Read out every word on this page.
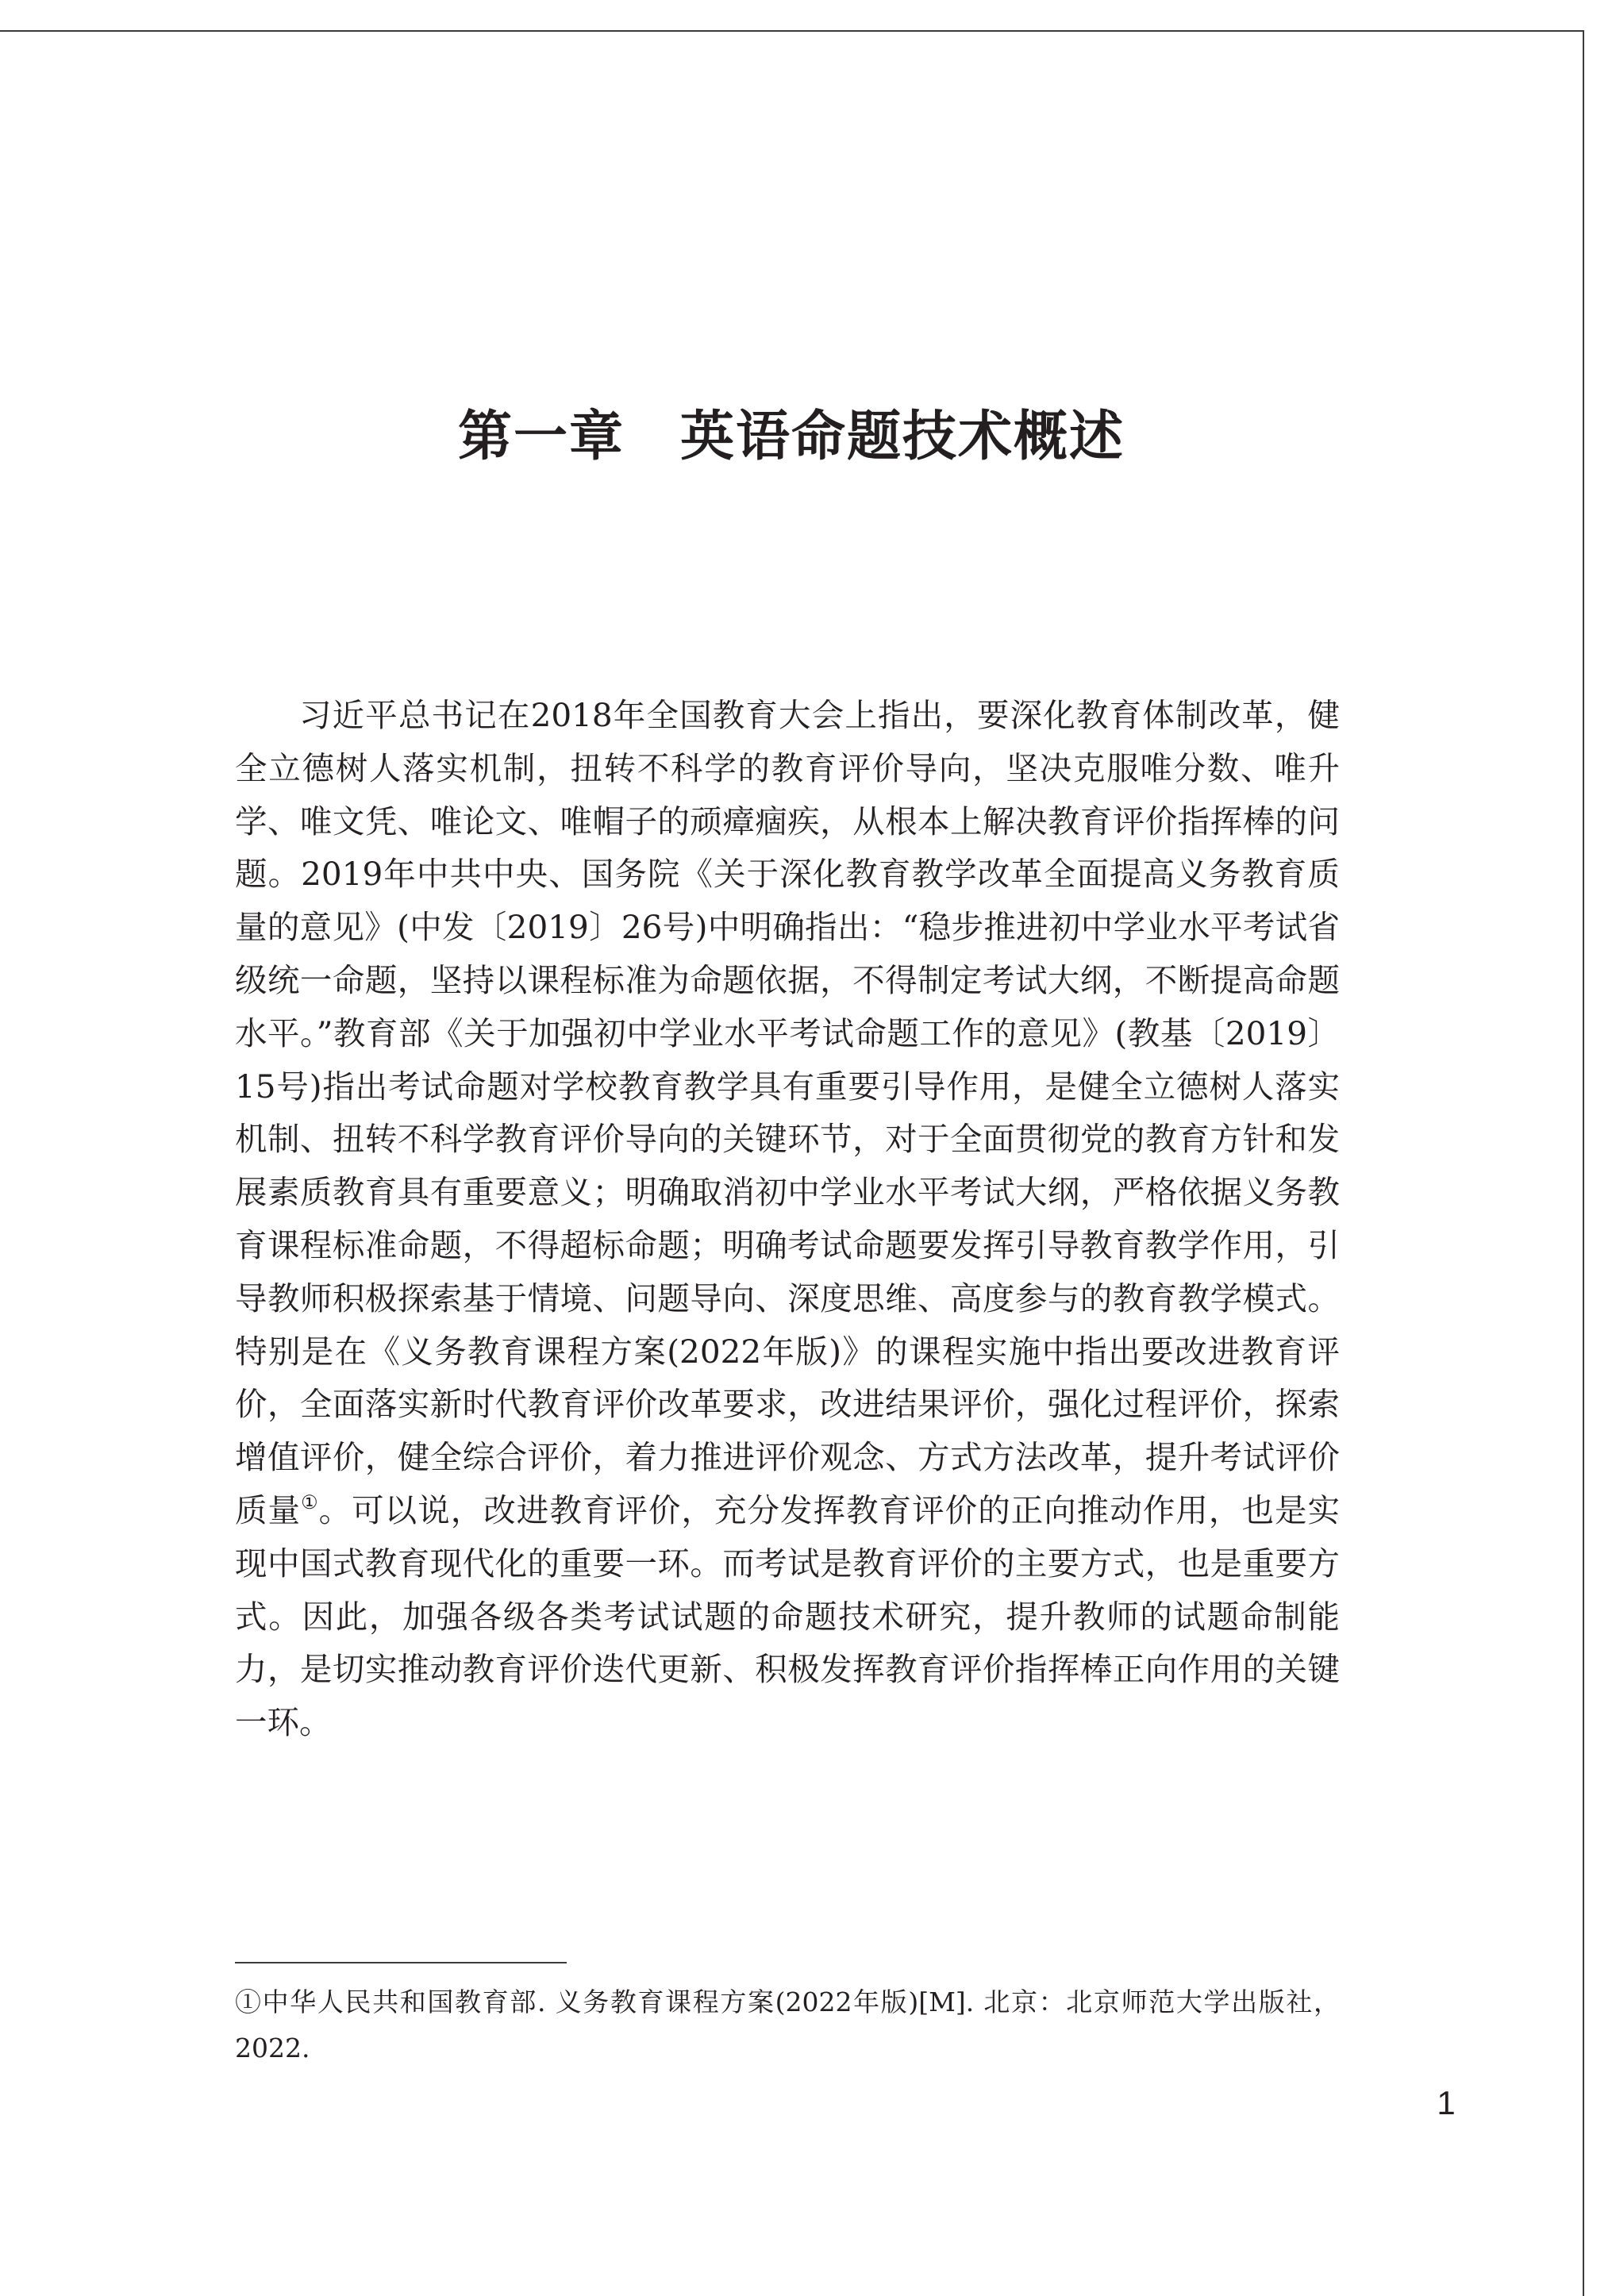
第一章　英语命题技术概述

习近平总书记在2018年全国教育大会上指出，要深化教育体制改革，健全立德树人落实机制，扭转不科学的教育评价导向，坚决克服唯分数、唯升学、唯文凭、唯论文、唯帽子的顽瘴痼疾，从根本上解决教育评价指挥棒的问题。2019年中共中央、国务院《关于深化教育教学改革全面提高义务教育质量的意见》(中发〔2019〕26号)中明确指出：“稳步推进初中学业水平考试省级统一命题，坚持以课程标准为命题依据，不得制定考试大纲，不断提高命题水平。”教育部《关于加强初中学业水平考试命题工作的意见》(教基〔2019〕15号)指出考试命题对学校教育教学具有重要引导作用，是健全立德树人落实机制、扭转不科学教育评价导向的关键环节，对于全面贯彻党的教育方针和发展素质教育具有重要意义；明确取消初中学业水平考试大纲，严格依据义务教育课程标准命题，不得超标命题；明确考试命题要发挥引导教育教学作用，引导教师积极探索基于情境、问题导向、深度思维、高度参与的教育教学模式。特别是在《义务教育课程方案(2022年版)》的课程实施中指出要改进教育评价，全面落实新时代教育评价改革要求，改进结果评价，强化过程评价，探索增值评价，健全综合评价，着力推进评价观念、方式方法改革，提升考试评价质量①。可以说，改进教育评价，充分发挥教育评价的正向推动作用，也是实现中国式教育现代化的重要一环。而考试是教育评价的主要方式，也是重要方式。因此，加强各级各类考试试题的命题技术研究，提升教师的试题命制能力，是切实推动教育评价迭代更新、积极发挥教育评价指挥棒正向作用的关键一环。

①中华人民共和国教育部. 义务教育课程方案(2022年版)[M]. 北京：北京师范大学出版社，2022.

1
